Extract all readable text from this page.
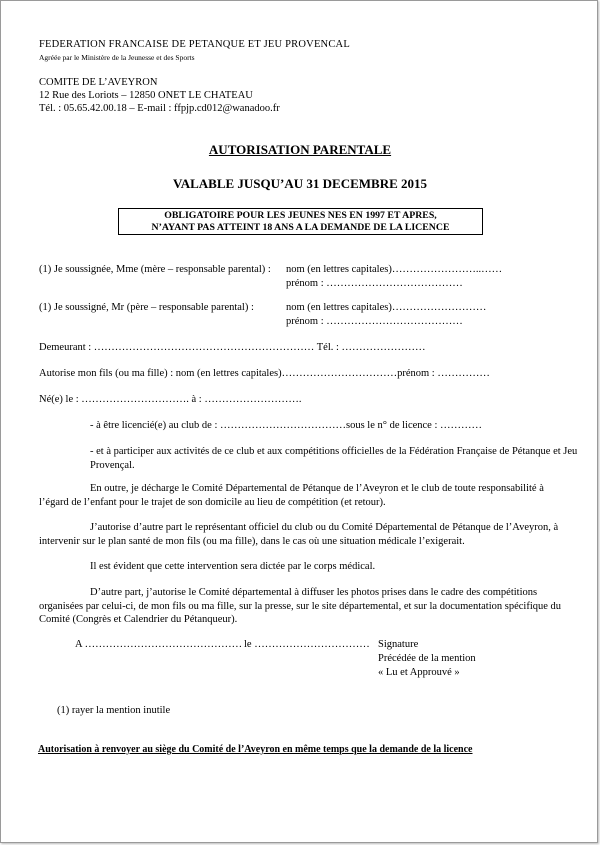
FEDERATION FRANCAISE DE PETANQUE ET JEU PROVENCAL
Agréée par le Ministère de la Jeunesse et des Sports
COMITE DE L’AVEYRON
12 Rue des Loriots – 12850 ONET LE CHATEAU
Tél. : 05.65.42.00.18 – E-mail : ffpjp.cd012@wanadoo.fr
AUTORISATION PARENTALE
VALABLE JUSQU’AU 31 DECEMBRE 2015
OBLIGATOIRE POUR LES JEUNES NES EN 1997 ET APRES,
N’AYANT PAS ATTEINT 18 ANS A LA DEMANDE DE LA LICENCE
(1) Je soussignée, Mme (mère – responsable parental) : nom (en lettres capitales)……………………..……
prénom : …………………………………
(1) Je soussigné, Mr (père – responsable parental) :	nom (en lettres capitales)………………………
prénom : …………………………………
Demeurant : ……………………………………………………… Tél. : ……………………
Autorise mon fils (ou ma fille) : nom (en lettres capitales)……………………………prénom : ……………
Né(e) le : …………………………. à : ……………………….
- à être licencié(e) au club de : ………………………………sous le n° de licence : …………
- et à participer aux activités de ce club et aux compétitions officielles de la Fédération Française de Pétanque et Jeu Provençal.
En outre, je décharge le Comité Départemental de Pétanque de l’Aveyron et le club de toute responsabilité à l’égard de l’enfant pour le trajet de son domicile au lieu de compétition (et retour).
J’autorise d’autre part le représentant officiel du club ou du Comité Départemental de Pétanque de l’Aveyron, à intervenir sur le plan santé de mon fils (ou ma fille), dans le cas où une situation médicale l’exigerait.
Il est évident que cette intervention sera dictée par le corps médical.
D’autre part, j’autorise le Comité départemental à diffuser les photos prises dans le cadre des compétitions organisées par celui-ci, de mon fils ou ma fille, sur la presse, sur le site départemental, et sur la documentation spécifique du Comité (Congrès et Calendrier du Pétanqueur).
A ……………………………………… le …………………………… Signature
Précédée de la mention
« Lu et Approuvé »
(1) rayer la mention inutile
Autorisation à renvoyer au siège du Comité de l’Aveyron en même temps que la demande de la licence
